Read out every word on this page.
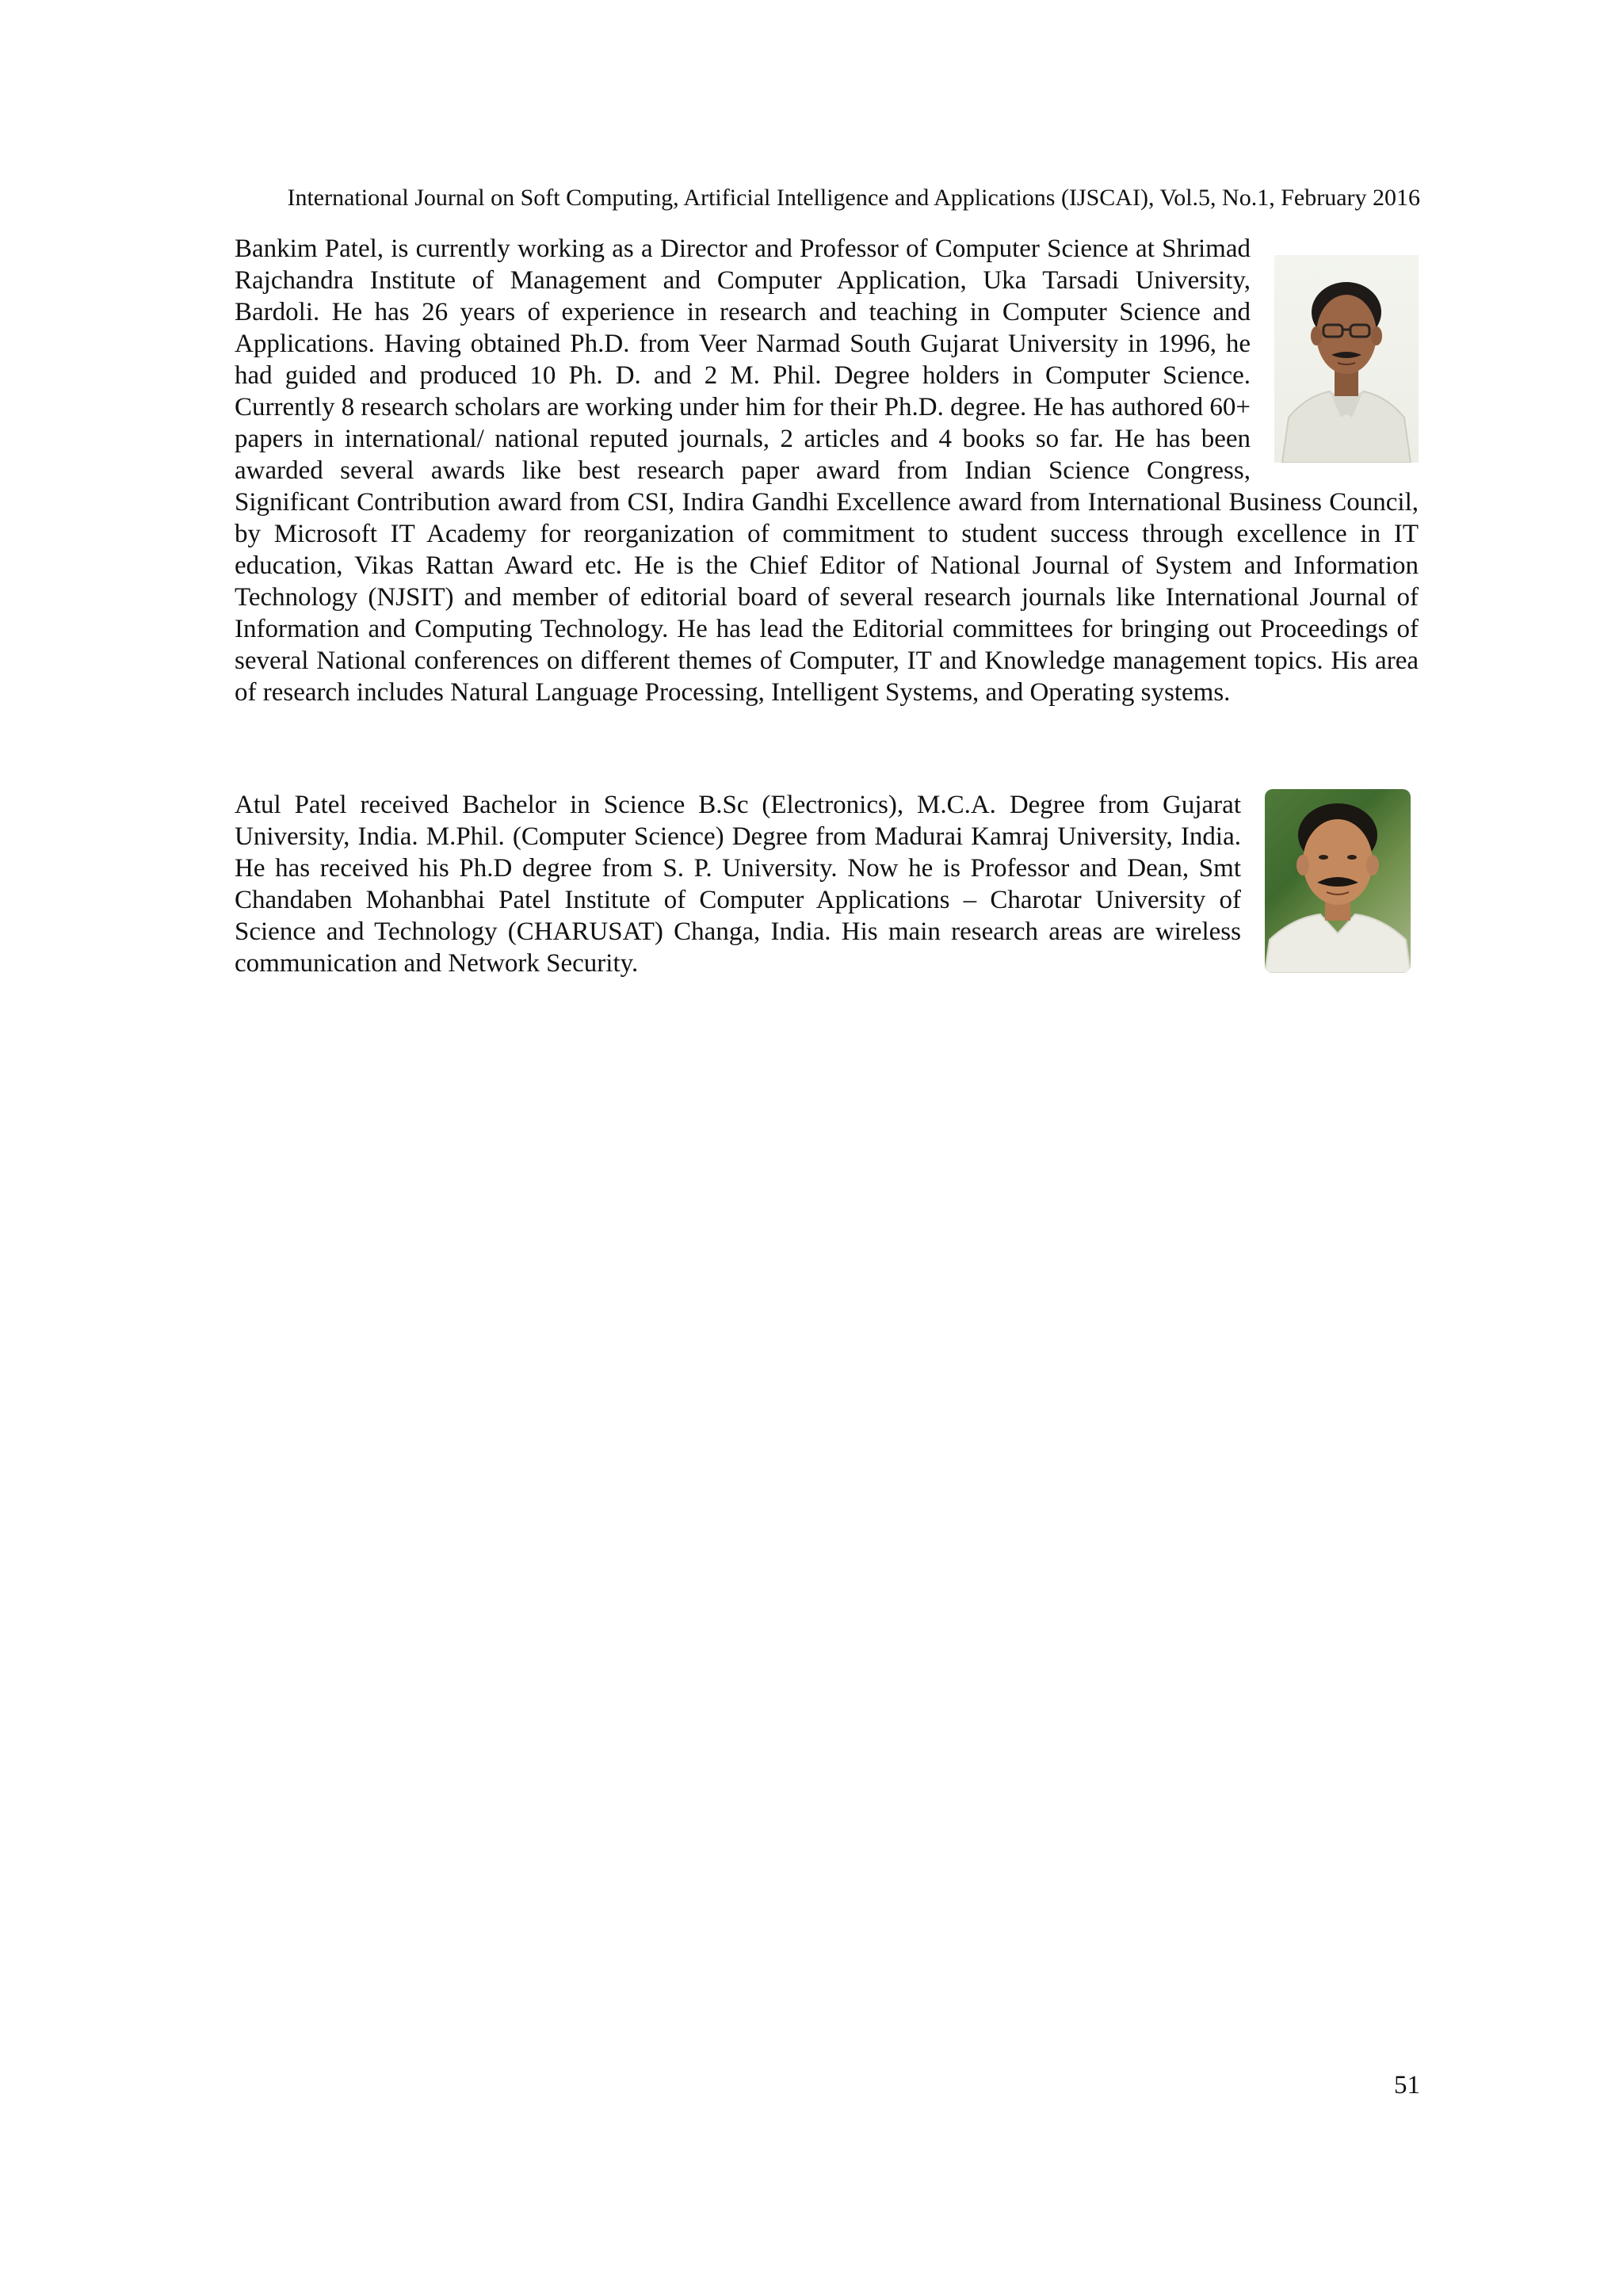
International Journal on Soft Computing, Artificial Intelligence and Applications (IJSCAI), Vol.5, No.1, February 2016

Bankim Patel, is currently working as a Director and Professor of Computer Science at Shrimad Rajchandra Institute of Management and Computer Application, Uka Tarsadi University, Bardoli. He has 26 years of experience in research and teaching in Computer Science and Applications. Having obtained Ph.D. from Veer Narmad South Gujarat University in 1996, he had guided and produced 10 Ph. D. and 2 M. Phil. Degree holders in Computer Science. Currently 8 research scholars are working under him for their Ph.D. degree. He has authored 60+ papers in international/ national reputed journals, 2 articles and 4 books so far. He has been awarded several awards like best research paper award from Indian Science Congress, Significant Contribution award from CSI, Indira Gandhi Excellence award from International Business Council, by Microsoft IT Academy for reorganization of commitment to student success through excellence in IT education, Vikas Rattan Award etc. He is the Chief Editor of National Journal of System and Information Technology (NJSIT) and member of editorial board of several research journals like International Journal of Information and Computing Technology. He has lead the Editorial committees for bringing out Proceedings of several National conferences on different themes of Computer, IT and Knowledge management topics. His area of research includes Natural Language Processing, Intelligent Systems, and Operating systems.

Atul Patel received Bachelor in Science B.Sc (Electronics), M.C.A. Degree from Gujarat University, India. M.Phil. (Computer Science) Degree from Madurai Kamraj University, India. He has received his Ph.D degree from S. P. University. Now he is Professor and Dean, Smt Chandaben Mohanbhai Patel Institute of Computer Applications – Charotar University of Science and Technology (CHARUSAT) Changa, India. His main research areas are wireless communication and Network Security.

51
